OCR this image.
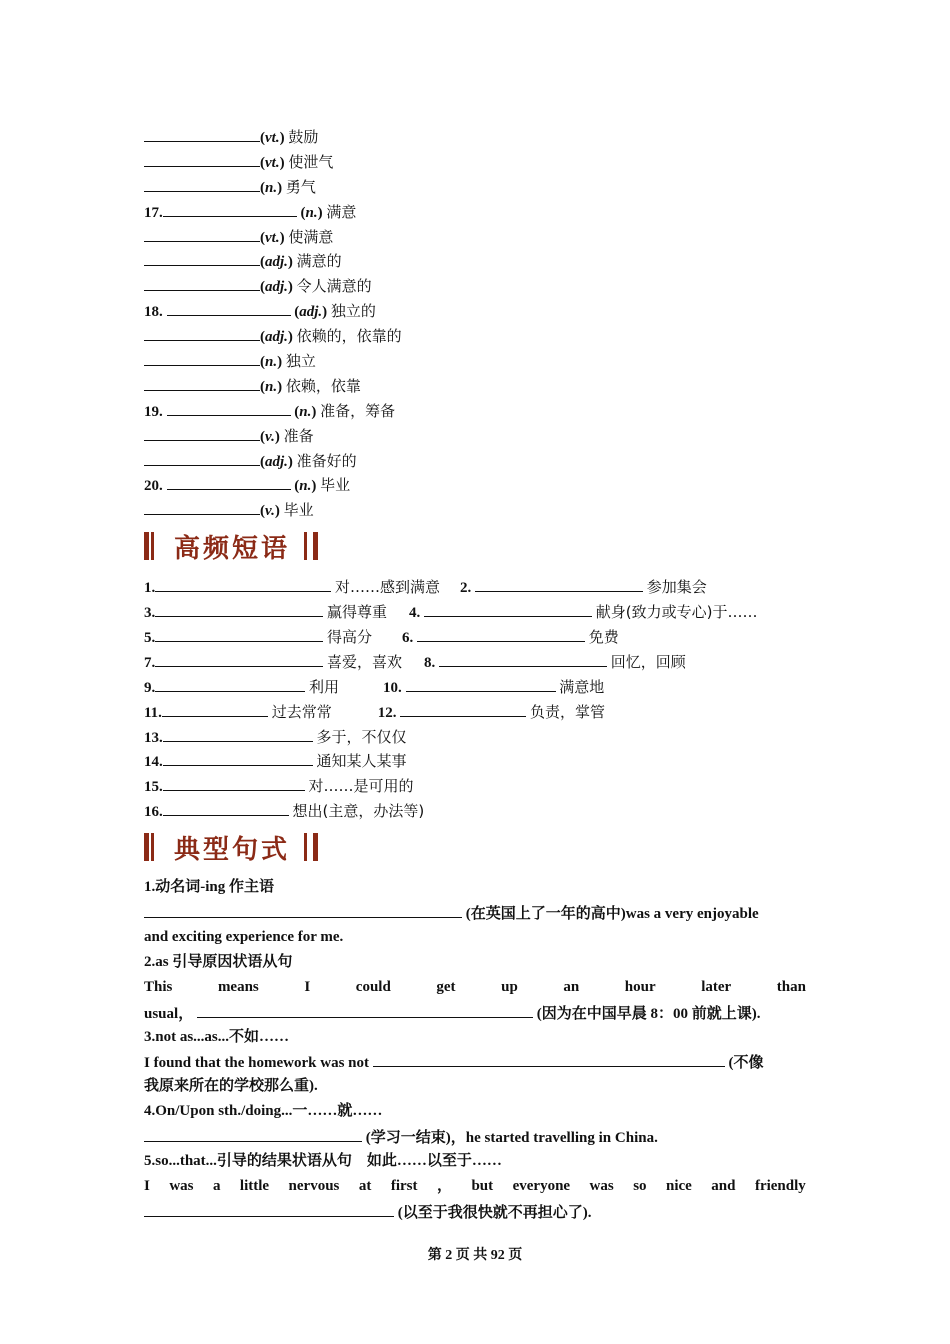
(vt.) 鼓励
(vt.) 使泄气
(n.) 勇气
17.	(n.) 满意
(vt.) 使满意
(adj.) 满意的
(adj.) 令人满意的
18.	(adj.) 独立的
(adj.) 依赖的，依靠的
(n.) 独立
(n.) 依赖，依靠
19.	(n.) 准备，筹备
(v.) 准备
(adj.) 准备好的
20.	(n.) 毕业
(v.) 毕业
高频短语
1.	对……感到满意 2.	参加集会
3.	赢得尊重 4.	献身(致力或专心)于……
5.	得高分 6.	免费
7.	喜爱，喜欢 8.	回忆，回顾
9.	利用	10.	满意地
11.	过去常常	12.	负责，掌管
13.	多于，不仅仅
14.	通知某人某事
15.	对……是可用的
16.	想出(主意，办法等)
典型句式
1.动名词-ing 作主语
(在英国上了一年的高中)was a very enjoyable
and exciting experience for me.
2.as 引导原因状语从句
This	means	I	could	get	up	an	hour	later	than
usual，	(因为在中国早晨 8：00 前就上课).
3.not as...as...不如……
I found that the homework was not	(不像
我原来所在的学校那么重).
4.On/Upon sth./doing...一……就……
(学习一结束)，he started travelling in China.
5.so...that...引导的结果状语从句　如此……以至于……
I was a little nervous at first ， but everyone was so nice and friendly
(以至于我很快就不再担心了).
第 2 页 共 92 页
